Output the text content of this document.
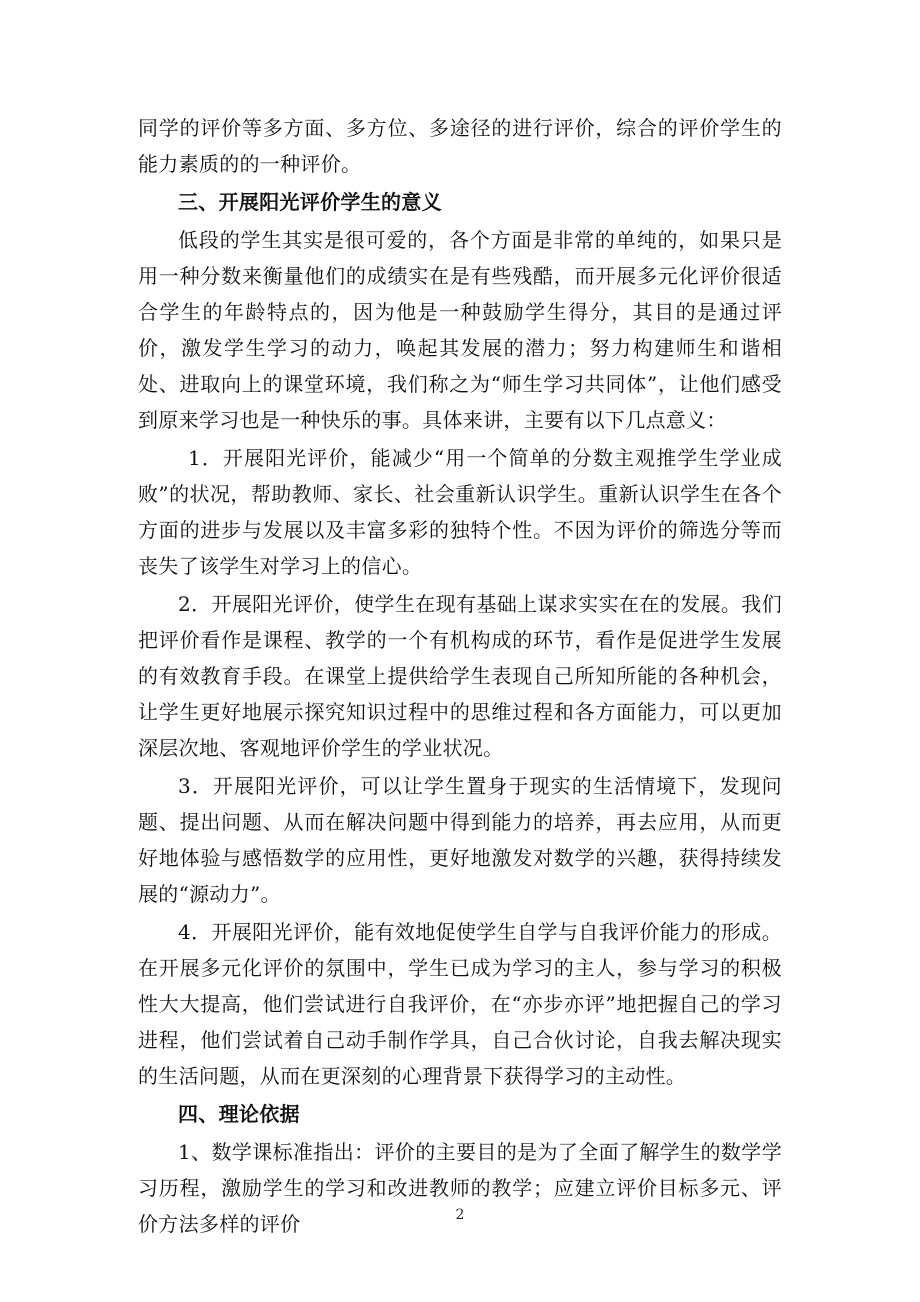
同学的评价等多方面、多方位、多途径的进行评价，综合的评价学生的能力素质的的一种评价。

三、开展阳光评价学生的意义

低段的学生其实是很可爱的，各个方面是非常的单纯的，如果只是用一种分数来衡量他们的成绩实在是有些残酷，而开展多元化评价很适合学生的年龄特点的，因为他是一种鼓励学生得分，其目的是通过评价，激发学生学习的动力，唤起其发展的潜力；努力构建师生和谐相处、进取向上的课堂环境，我们称之为“师生学习共同体”，让他们感受到原来学习也是一种快乐的事。具体来讲，主要有以下几点意义：

1．开展阳光评价，能减少“用一个简单的分数主观推学生学业成败”的状况，帮助教师、家长、社会重新认识学生。重新认识学生在各个方面的进步与发展以及丰富多彩的独特个性。不因为评价的筛选分等而丧失了该学生对学习上的信心。

2．开展阳光评价，使学生在现有基础上谋求实实在在的发展。我们把评价看作是课程、教学的一个有机构成的环节，看作是促进学生发展的有效教育手段。在课堂上提供给学生表现自己所知所能的各种机会，让学生更好地展示探究知识过程中的思维过程和各方面能力，可以更加深层次地、客观地评价学生的学业状况。

3．开展阳光评价，可以让学生置身于现实的生活情境下，发现问题、提出问题、从而在解决问题中得到能力的培养，再去应用，从而更好地体验与感悟数学的应用性，更好地激发对数学的兴趣，获得持续发展的“源动力”。

4．开展阳光评价，能有效地促使学生自学与自我评价能力的形成。在开展多元化评价的氛围中，学生已成为学习的主人，参与学习的积极性大大提高，他们尝试进行自我评价，在“亦步亦评”地把握自己的学习进程，他们尝试着自己动手制作学具，自己合伙讨论，自我去解决现实的生活问题，从而在更深刻的心理背景下获得学习的主动性。

四、理论依据

1、数学课标准指出：评价的主要目的是为了全面了解学生的数学学习历程，激励学生的学习和改进教师的教学；应建立评价目标多元、评价方法多样的评价	2
